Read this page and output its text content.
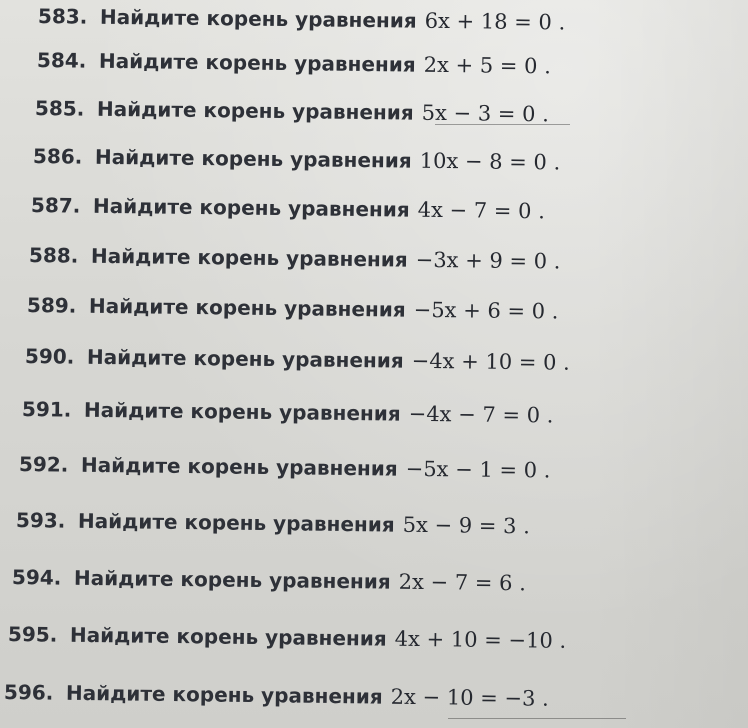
583. Найдите корень уравнения 6x + 18 = 0 .
584. Найдите корень уравнения 2x + 5 = 0 .
585. Найдите корень уравнения 5x − 3 = 0 .
586. Найдите корень уравнения 10x − 8 = 0 .
587. Найдите корень уравнения 4x − 7 = 0 .
588. Найдите корень уравнения −3x + 9 = 0 .
589. Найдите корень уравнения −5x + 6 = 0 .
590. Найдите корень уравнения −4x + 10 = 0 .
591. Найдите корень уравнения −4x − 7 = 0 .
592. Найдите корень уравнения −5x − 1 = 0 .
593. Найдите корень уравнения 5x − 9 = 3 .
594. Найдите корень уравнения 2x − 7 = 6 .
595. Найдите корень уравнения 4x + 10 = −10 .
596. Найдите корень уравнения 2x − 10 = −3 .
